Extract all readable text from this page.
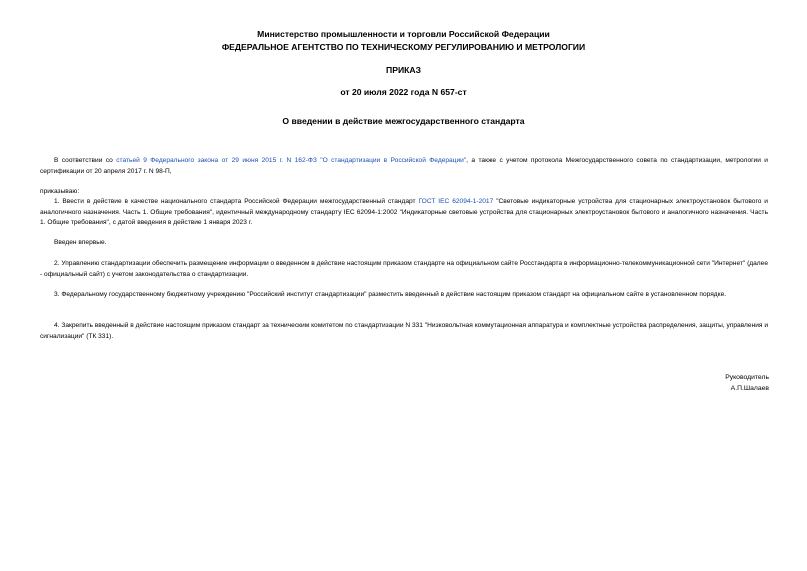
Министерство промышленности и торговли Российской Федерации
ФЕДЕРАЛЬНОЕ АГЕНТСТВО ПО ТЕХНИЧЕСКОМУ РЕГУЛИРОВАНИЮ И МЕТРОЛОГИИ
ПРИКАЗ
от 20 июля 2022 года N 657-ст
О введении в действие межгосударственного стандарта
В соответствии со статьей 9 Федерального закона от 29 июня 2015 г. N 162-ФЗ "О стандартизации в Российской Федерации", а также с учетом протокола Межгосударственного совета по стандартизации, метрологии и сертификации от 20 апреля 2017 г. N 98-П,
приказываю:
1. Ввести в действие в качестве национального стандарта Российской Федерации межгосударственный стандарт ГОСТ IEC 62094-1-2017 "Световые индикаторные устройства для стационарных электроустановок бытового и аналогичного назначения. Часть 1. Общие требования", идентичный международному стандарту IEC 62094-1:2002 "Индикаторные световые устройства для стационарных электроустановок бытового и аналогичного назначения. Часть 1. Общие требования", с датой введения в действие 1 января 2023 г.
Введен впервые.
2. Управлению стандартизации обеспечить размещение информации о введенном в действие настоящим приказом стандарте на официальном сайте Росстандарта в информационно-телекоммуникационной сети "Интернет" (далее - официальный сайт) с учетом законодательства о стандартизации.
3. Федеральному государственному бюджетному учреждению "Российский институт стандартизации" разместить введенный в действие настоящим приказом стандарт на официальном сайте в установленном порядке.
4. Закрепить введенный в действие настоящим приказом стандарт за техническим комитетом по стандартизации N 331 "Низковольтная коммутационная аппаратура и комплектные устройства распределения, защиты, управления и сигнализации" (ТК 331).
Руководитель
А.П.Шалаев
